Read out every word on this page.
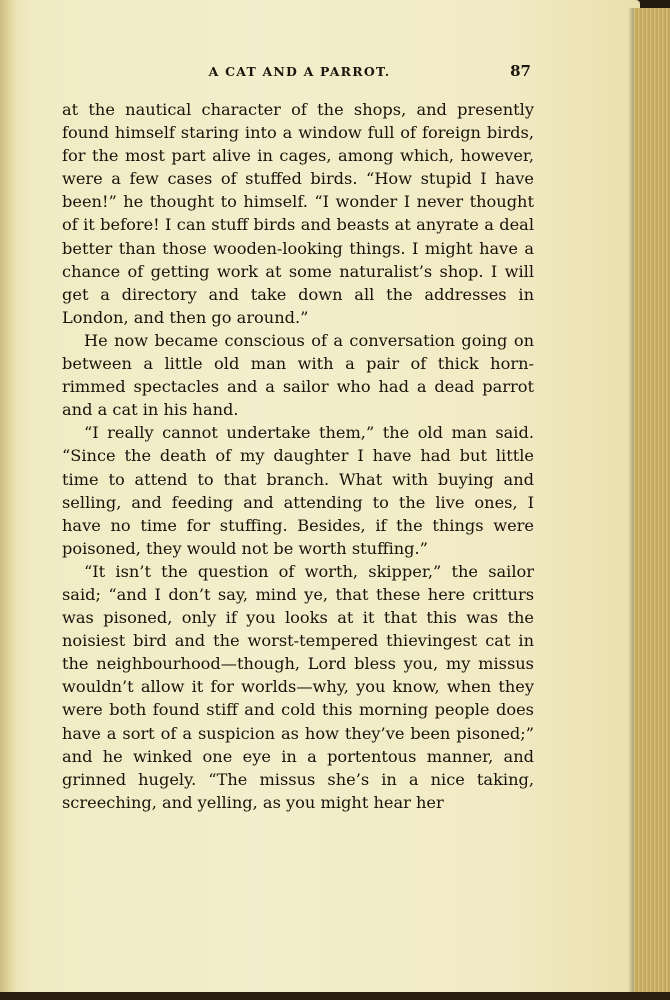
A CAT AND A PARROT.	87

at the nautical character of the shops, and presently found himself staring into a window full of foreign birds, for the most part alive in cages, among which, however, were a few cases of stuffed birds. “How stupid I have been!” he thought to himself. “I wonder I never thought of it before! I can stuff birds and beasts at anyrate a deal better than those wooden-looking things. I might have a chance of getting work at some naturalist’s shop. I will get a directory and take down all the addresses in London, and then go around.”

He now became conscious of a conversation going on between a little old man with a pair of thick horn-rimmed spectacles and a sailor who had a dead parrot and a cat in his hand.

“I really cannot undertake them,” the old man said. “Since the death of my daughter I have had but little time to attend to that branch. What with buying and selling, and feeding and attending to the live ones, I have no time for stuffing. Besides, if the things were poisoned, they would not be worth stuffing.”

“It isn’t the question of worth, skipper,” the sailor said; “and I don’t say, mind ye, that these here critturs was pisoned, only if you looks at it that this was the noisiest bird and the worst-tempered thievingest cat in the neighbourhood—though, Lord bless you, my missus wouldn’t allow it for worlds—why, you know, when they were both found stiff and cold this morning people does have a sort of a suspicion as how they’ve been pisoned;” and he winked one eye in a portentous manner, and grinned hugely. “The missus she’s in a nice taking, screeching, and yelling, as you might hear her
